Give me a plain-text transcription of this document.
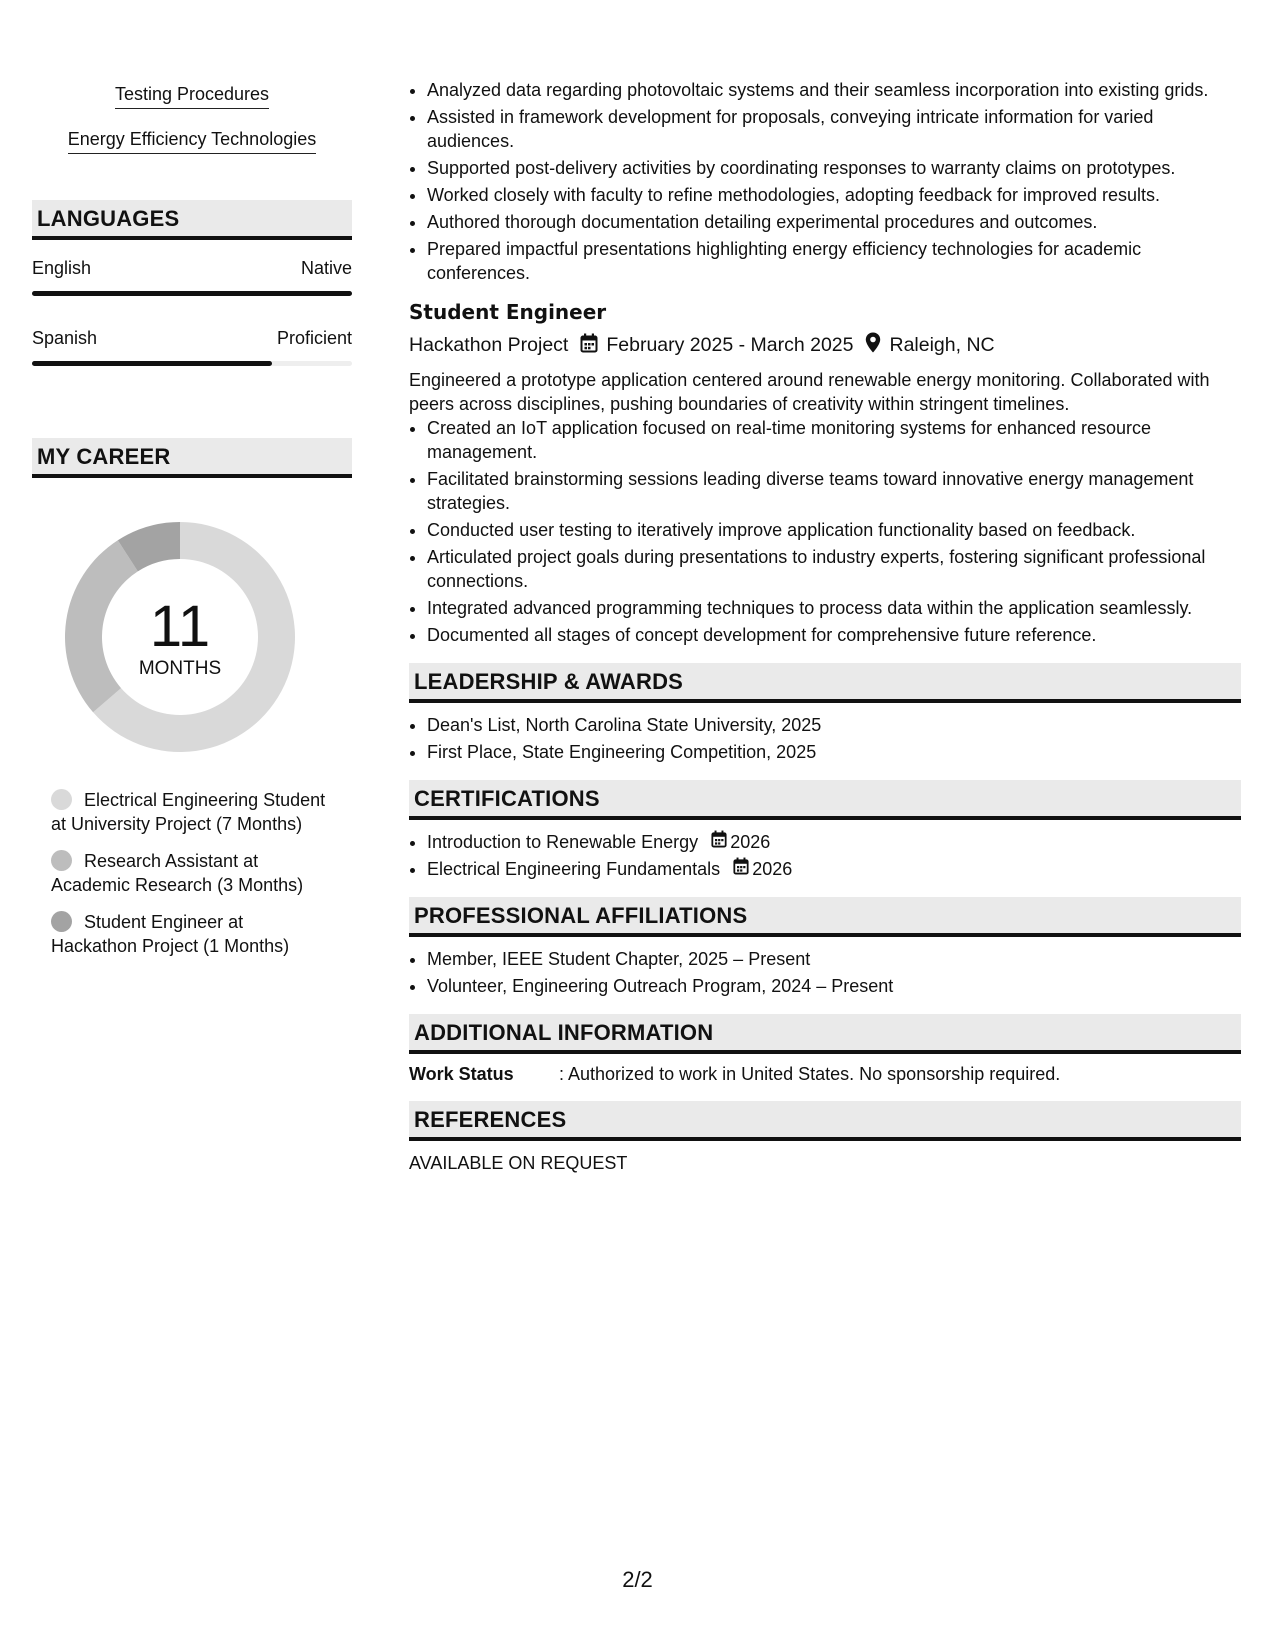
Testing Procedures
Energy Efficiency Technologies
LANGUAGES
English	Native
Spanish	Proficient
MY CAREER
11
MONTHS
Electrical Engineering Student at University Project (7 Months)
Research Assistant at Academic Research (3 Months)
Student Engineer at Hackathon Project (1 Months)
• Analyzed data regarding photovoltaic systems and their seamless incorporation into existing grids.
• Assisted in framework development for proposals, conveying intricate information for varied audiences.
• Supported post-delivery activities by coordinating responses to warranty claims on prototypes.
• Worked closely with faculty to refine methodologies, adopting feedback for improved results.
• Authored thorough documentation detailing experimental procedures and outcomes.
• Prepared impactful presentations highlighting energy efficiency technologies for academic conferences.
Student Engineer
Hackathon Project February 2025 - March 2025 Raleigh, NC
Engineered a prototype application centered around renewable energy monitoring. Collaborated with peers across disciplines, pushing boundaries of creativity within stringent timelines.
• Created an IoT application focused on real-time monitoring systems for enhanced resource management.
• Facilitated brainstorming sessions leading diverse teams toward innovative energy management strategies.
• Conducted user testing to iteratively improve application functionality based on feedback.
• Articulated project goals during presentations to industry experts, fostering significant professional connections.
• Integrated advanced programming techniques to process data within the application seamlessly.
• Documented all stages of concept development for comprehensive future reference.
LEADERSHIP & AWARDS
• Dean's List, North Carolina State University, 2025
• First Place, State Engineering Competition, 2025
CERTIFICATIONS
• Introduction to Renewable Energy 2026
• Electrical Engineering Fundamentals 2026
PROFESSIONAL AFFILIATIONS
• Member, IEEE Student Chapter, 2025 – Present
• Volunteer, Engineering Outreach Program, 2024 – Present
ADDITIONAL INFORMATION
Work Status	: Authorized to work in United States. No sponsorship required.
REFERENCES
AVAILABLE ON REQUEST
2/2
